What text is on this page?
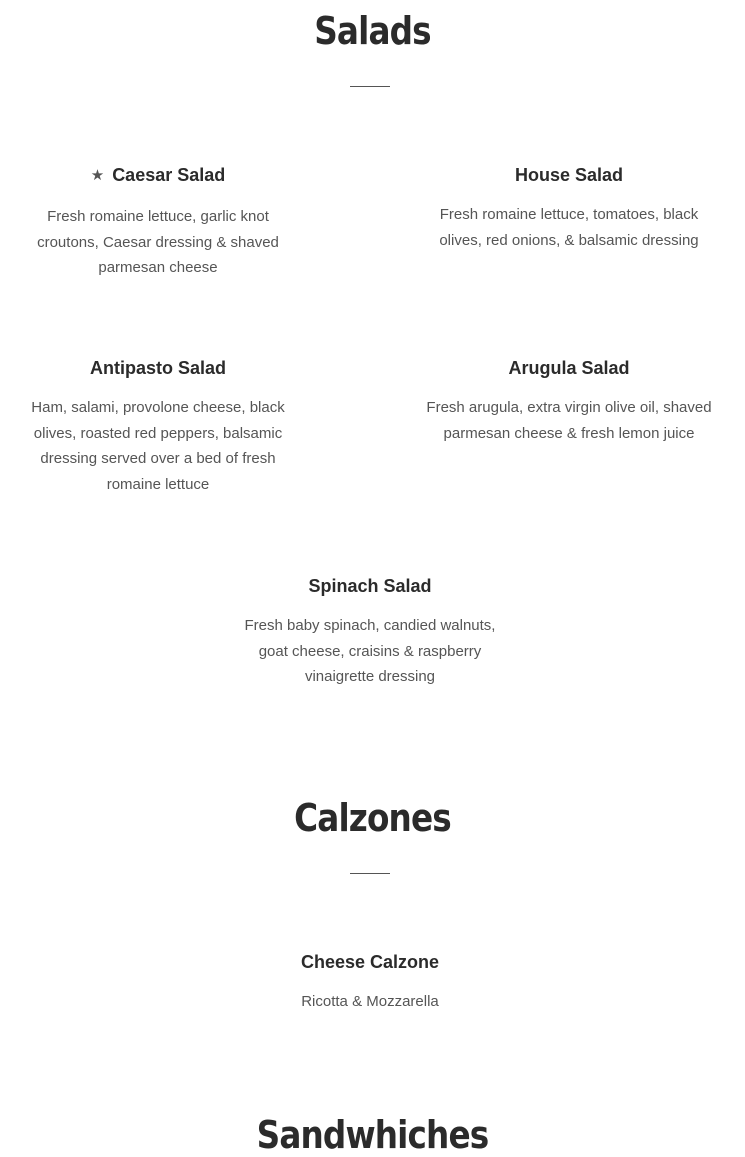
Salads
★ Caesar Salad

Fresh romaine lettuce, garlic knot croutons, Caesar dressing & shaved parmesan cheese

House Salad

Fresh romaine lettuce, tomatoes, black olives, red onions, & balsamic dressing

Antipasto Salad

Ham, salami, provolone cheese, black olives, roasted red peppers, balsamic dressing served over a bed of fresh romaine lettuce

Arugula Salad

Fresh arugula, extra virgin olive oil, shaved parmesan cheese & fresh lemon juice

Spinach Salad

Fresh baby spinach, candied walnuts, goat cheese, craisins & raspberry vinaigrette dressing

Calzones
Cheese Calzone

Ricotta & Mozzarella

Sandwhiches
